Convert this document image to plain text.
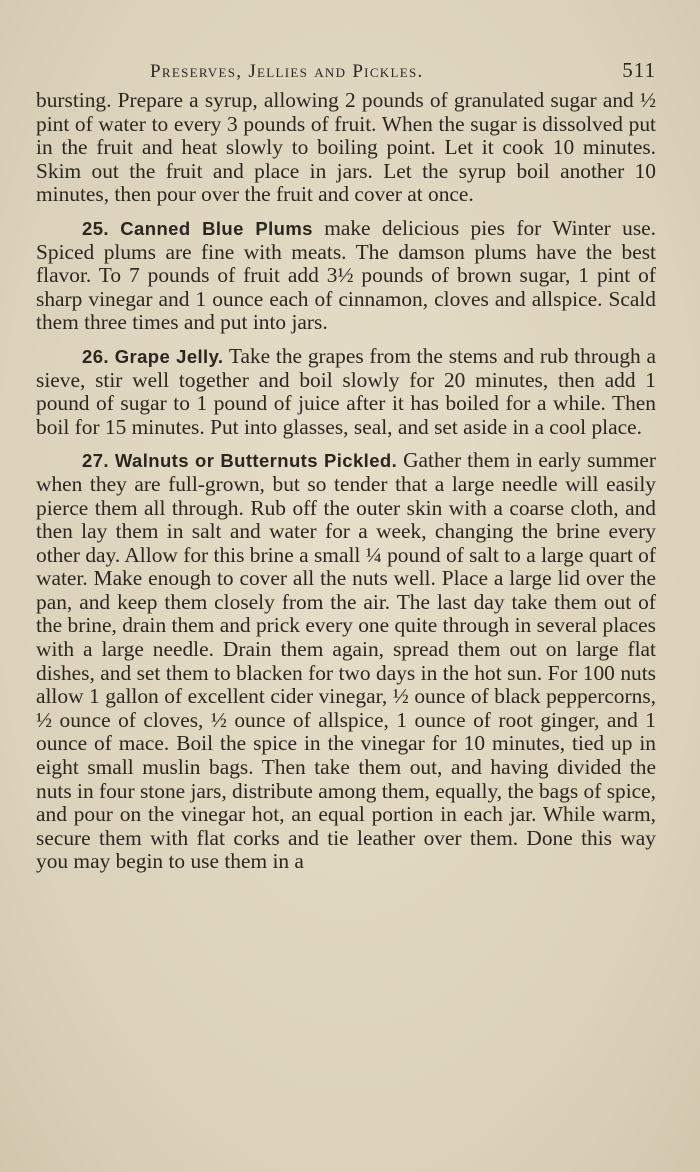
Preserves, Jellies and Pickles.	511

bursting. Prepare a syrup, allowing 2 pounds of granulated sugar and ½ pint of water to every 3 pounds of fruit. When the sugar is dissolved put in the fruit and heat slowly to boiling point. Let it cook 10 minutes. Skim out the fruit and place in jars. Let the syrup boil another 10 minutes, then pour over the fruit and cover at once.

25. Canned Blue Plums make delicious pies for Winter use. Spiced plums are fine with meats. The damson plums have the best flavor. To 7 pounds of fruit add 3½ pounds of brown sugar, 1 pint of sharp vinegar and 1 ounce each of cinnamon, cloves and allspice. Scald them three times and put into jars.

26. Grape Jelly. Take the grapes from the stems and rub through a sieve, stir well together and boil slowly for 20 minutes, then add 1 pound of sugar to 1 pound of juice after it has boiled for a while. Then boil for 15 minutes. Put into glasses, seal, and set aside in a cool place.

27. Walnuts or Butternuts Pickled. Gather them in early summer when they are full-grown, but so tender that a large needle will easily pierce them all through. Rub off the outer skin with a coarse cloth, and then lay them in salt and water for a week, changing the brine every other day. Allow for this brine a small ¼ pound of salt to a large quart of water. Make enough to cover all the nuts well. Place a large lid over the pan, and keep them closely from the air. The last day take them out of the brine, drain them and prick every one quite through in several places with a large needle. Drain them again, spread them out on large flat dishes, and set them to blacken for two days in the hot sun. For 100 nuts allow 1 gallon of excellent cider vinegar, ½ ounce of black peppercorns, ½ ounce of cloves, ½ ounce of allspice, 1 ounce of root ginger, and 1 ounce of mace. Boil the spice in the vinegar for 10 minutes, tied up in eight small muslin bags. Then take them out, and having divided the nuts in four stone jars, distribute among them, equally, the bags of spice, and pour on the vinegar hot, an equal portion in each jar. While warm, secure them with flat corks and tie leather over them. Done this way you may begin to use them in a
